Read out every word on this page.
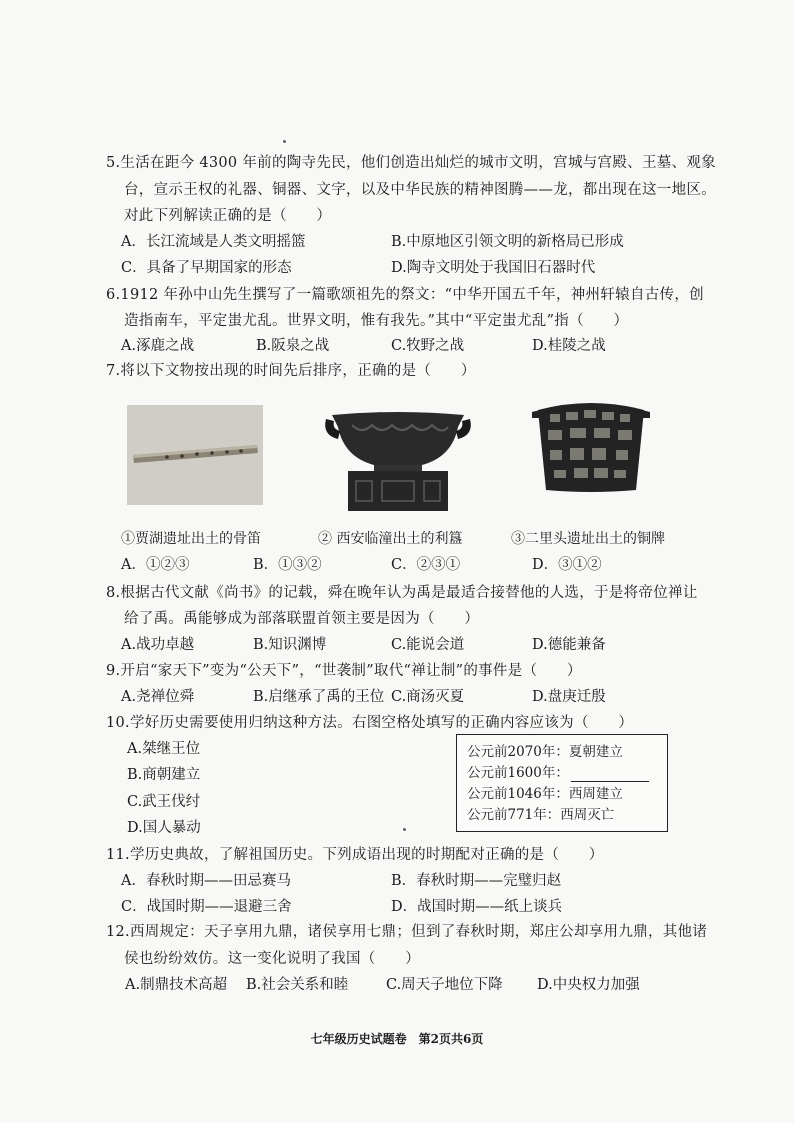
5.生活在距今 4300 年前的陶寺先民，他们创造出灿烂的城市文明，宫城与宫殿、王墓、观象
台，宣示王权的礼器、铜器、文字，以及中华民族的精神图腾——龙，都出现在这一地区。
对此下列解读正确的是（　　）
A．长江流域是人类文明摇篮	B.中原地区引领文明的新格局已形成
C．具备了早期国家的形态	D.陶寺文明处于我国旧石器时代
6.1912 年孙中山先生撰写了一篇歌颂祖先的祭文：“中华开国五千年，神州轩辕自古传，创
造指南车，平定蚩尤乱。世界文明，惟有我先。”其中“平定蚩尤乱”指（　　）
A.涿鹿之战	B.阪泉之战	C.牧野之战	D.桂陵之战
7.将以下文物按出现的时间先后排序，正确的是（　　）
①贾湖遗址出土的骨笛	② 西安临潼出土的利簋	③二里头遗址出土的铜牌
A．①②③	B．①③②	C．②③①	D．③①②
8.根据古代文献《尚书》的记载，舜在晚年认为禹是最适合接替他的人选，于是将帝位禅让
给了禹。禹能够成为部落联盟首领主要是因为（　　）
A.战功卓越	B.知识渊博	C.能说会道	D.德能兼备
9.开启“家天下”变为“公天下”，“世袭制”取代“禅让制”的事件是（　　）
A.尧禅位舜	B.启继承了禹的王位 C.商汤灭夏	D.盘庚迁殷
10.学好历史需要使用归纳这种方法。右图空格处填写的正确内容应该为（　　）
A.桀继王位
B.商朝建立
C.武王伐纣
D.国人暴动
公元前2070年：夏朝建立
公元前1600年：
公元前1046年：西周建立
公元前771年：西周灭亡
11.学历史典故，了解祖国历史。下列成语出现的时期配对正确的是（　　）
A．春秋时期——田忌赛马	B．春秋时期——完璧归赵
C．战国时期——退避三舍	D．战国时期——纸上谈兵
12.西周规定：天子享用九鼎，诸侯享用七鼎；但到了春秋时期，郑庄公却享用九鼎，其他诸
侯也纷纷效仿。这一变化说明了我国（　　）
A.制鼎技术高超 B.社会关系和睦	C.周天子地位下降 D.中央权力加强
七年级历史试题卷　第2页共6页
